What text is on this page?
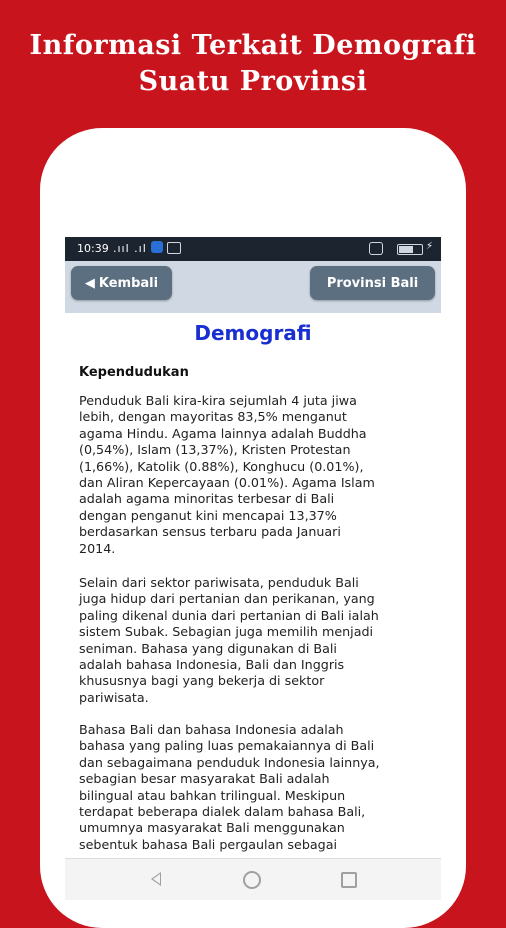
Informasi Terkait Demografi
Suatu Provinsi
10:39 .ııl .ıl	⚡
◀ Kembali	Provinsi Bali
Demografi
Kependudukan

Penduduk Bali kira-kira sejumlah 4 juta jiwa
lebih, dengan mayoritas 83,5% menganut
agama Hindu. Agama lainnya adalah Buddha
(0,54%), Islam (13,37%), Kristen Protestan
(1,66%), Katolik (0.88%), Konghucu (0.01%),
dan Aliran Kepercayaan (0.01%). Agama Islam
adalah agama minoritas terbesar di Bali
dengan penganut kini mencapai 13,37%
berdasarkan sensus terbaru pada Januari
2014.

Selain dari sektor pariwisata, penduduk Bali
juga hidup dari pertanian dan perikanan, yang
paling dikenal dunia dari pertanian di Bali ialah
sistem Subak. Sebagian juga memilih menjadi
seniman. Bahasa yang digunakan di Bali
adalah bahasa Indonesia, Bali dan Inggris
khususnya bagi yang bekerja di sektor
pariwisata.

Bahasa Bali dan bahasa Indonesia adalah
bahasa yang paling luas pemakaiannya di Bali
dan sebagaimana penduduk Indonesia lainnya,
sebagian besar masyarakat Bali adalah
bilingual atau bahkan trilingual. Meskipun
terdapat beberapa dialek dalam bahasa Bali,
umumnya masyarakat Bali menggunakan
sebentuk bahasa Bali pergaulan sebagai
